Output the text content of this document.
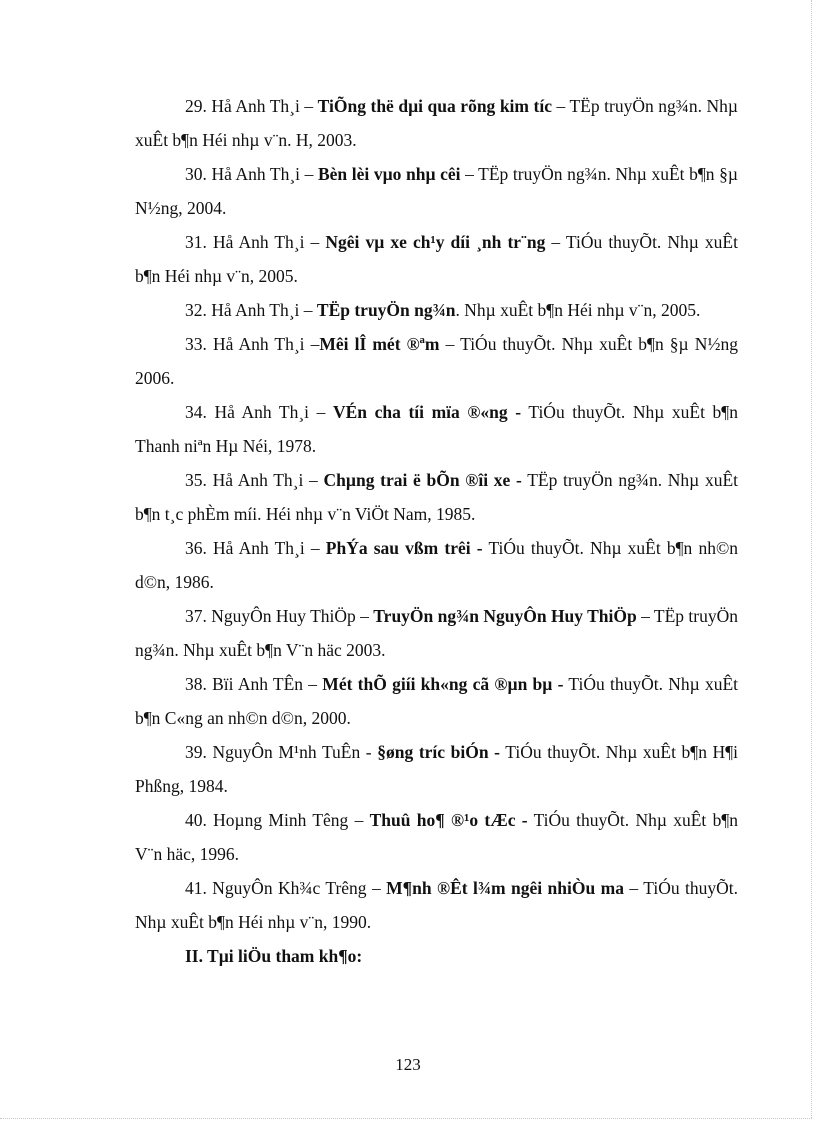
29. Hå Anh Th¸i – TiÕng thë dµi qua rõng kim tíc – TËp truyÖn ng¾n. Nhµ xuÊt b¶n Héi nhµ v¨n. H, 2003.

30. Hå Anh Th¸i – Bèn lèi vµo nhµ cêi – TËp truyÖn ng¾n. Nhµ xuÊt b¶n §µ N½ng, 2004.

31. Hå Anh Th¸i – Ngêi vµ xe ch¹y díi ¸nh tr¨ng – TiÓu thuyÕt. Nhµ xuÊt b¶n Héi nhµ v¨n, 2005.

32. Hå Anh Th¸i – TËp truyÖn ng¾n. Nhµ xuÊt b¶n Héi nhµ v¨n, 2005.

33. Hå Anh Th¸i –Mêi lÎ mét ®ªm – TiÓu thuyÕt. Nhµ xuÊt b¶n §µ N½ng 2006.

34. Hå Anh Th¸i – VÉn cha tíi mïa ®«ng - TiÓu thuyÕt. Nhµ xuÊt b¶n Thanh niªn Hµ Néi, 1978.

35. Hå Anh Th¸i – Chµng trai ë bÕn ®îi xe - TËp truyÖn ng¾n. Nhµ xuÊt b¶n t¸c phÈm míi. Héi nhµ v¨n ViÖt Nam, 1985.

36. Hå Anh Th¸i – PhÝa sau vßm trêi - TiÓu thuyÕt. Nhµ xuÊt b¶n nh©n d©n, 1986.

37. NguyÔn Huy ThiÖp – TruyÖn ng¾n NguyÔn Huy ThiÖp – TËp truyÖn ng¾n. Nhµ xuÊt b¶n V¨n häc 2003.

38. Bïi Anh TÊn – Mét thÕ giíi kh«ng cã ®µn bµ - TiÓu thuyÕt. Nhµ xuÊt b¶n C«ng an nh©n d©n, 2000.

39. NguyÔn M¹nh TuÊn - §øng tríc biÓn - TiÓu thuyÕt. Nhµ xuÊt b¶n H¶i Phßng, 1984.

40. Hoµng Minh Têng – Thuû ho¶ ®¹o tÆc - TiÓu thuyÕt. Nhµ xuÊt b¶n V¨n häc, 1996.

41. NguyÔn Kh¾c Trêng – M¶nh ®Êt l¾m ngêi nhiÒu ma – TiÓu thuyÕt. Nhµ xuÊt b¶n Héi nhµ v¨n, 1990.

II. Tµi liÖu tham kh¶o:

123
